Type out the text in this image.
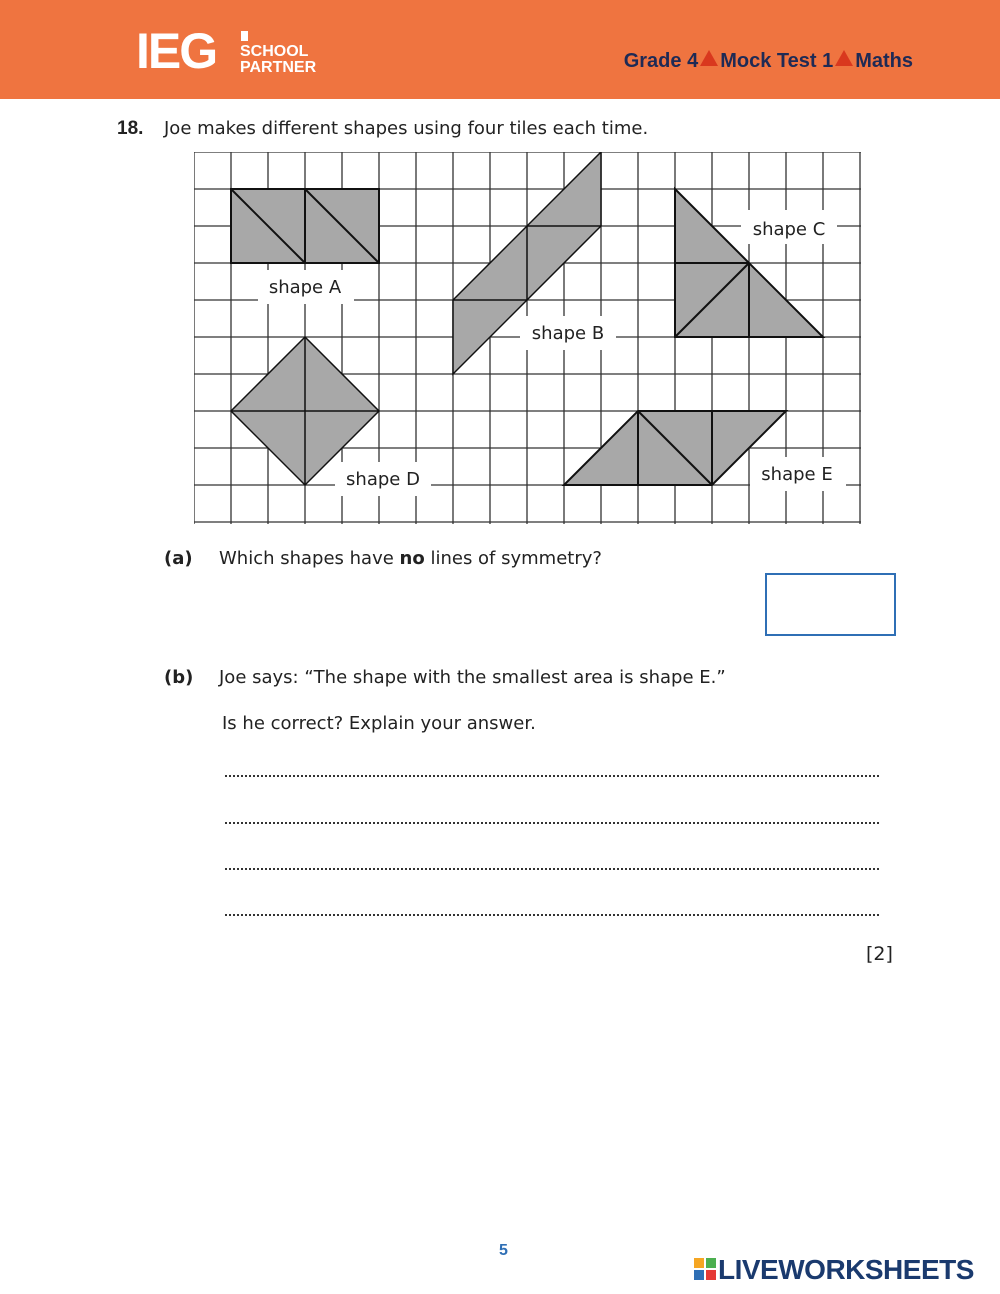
IEG SCHOOL
PARTNER	Grade 4 Mock Test 1 Maths
18. Joe makes different shapes using four tiles each time.
shape A
shape B
shape C
shape D	shape E
(a) Which shapes have no lines of symmetry?
(b) Joe says: “The shape with the smallest area is shape E.”
Is he correct? Explain your answer.
[2]
5
LIVEWORKSHEETS
